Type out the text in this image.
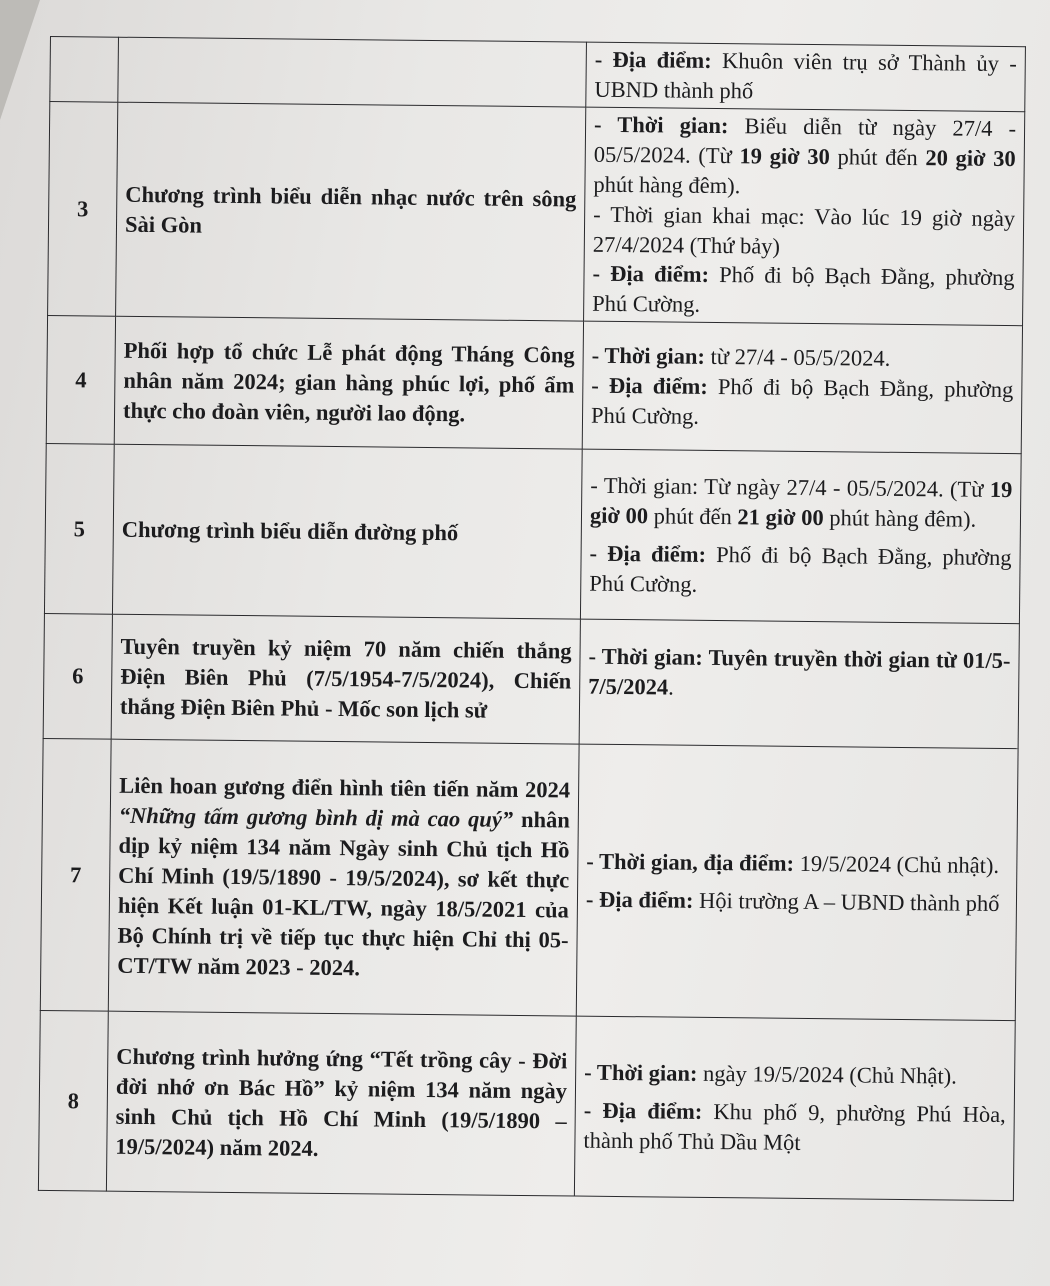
		- Địa điểm: Khuôn viên trụ sở Thành ủy - UBND thành phố

3	Chương trình biểu diễn nhạc nước trên sông Sài Gòn	- Thời gian: Biểu diễn từ ngày 27/4 - 05/5/2024. (Từ 19 giờ 30 phút đến 20 giờ 30 phút hàng đêm).
- Thời gian khai mạc: Vào lúc 19 giờ ngày 27/4/2024 (Thứ bảy)
- Địa điểm: Phố đi bộ Bạch Đằng, phường Phú Cường.

4	Phối hợp tổ chức Lễ phát động Tháng Công nhân năm 2024; gian hàng phúc lợi, phố ẩm thực cho đoàn viên, người lao động.	- Thời gian: từ 27/4 - 05/5/2024.
- Địa điểm: Phố đi bộ Bạch Đằng, phường Phú Cường.

5	Chương trình biểu diễn đường phố	- Thời gian: Từ ngày 27/4 - 05/5/2024. (Từ 19 giờ 00 phút đến 21 giờ 00 phút hàng đêm).
- Địa điểm: Phố đi bộ Bạch Đằng, phường Phú Cường.

6	Tuyên truyền kỷ niệm 70 năm chiến thắng Điện Biên Phủ (7/5/1954-7/5/2024), Chiến thắng Điện Biên Phủ - Mốc son lịch sử	- Thời gian: Tuyên truyền thời gian từ 01/5-7/5/2024.

7	Liên hoan gương điển hình tiên tiến năm 2024 “Những tấm gương bình dị mà cao quý” nhân dịp kỷ niệm 134 năm Ngày sinh Chủ tịch Hồ Chí Minh (19/5/1890 - 19/5/2024), sơ kết thực hiện Kết luận 01-KL/TW, ngày 18/5/2021 của Bộ Chính trị về tiếp tục thực hiện Chỉ thị 05-CT/TW năm 2023 - 2024.	- Thời gian, địa điểm: 19/5/2024 (Chủ nhật).
- Địa điểm: Hội trường A – UBND thành phố

8	Chương trình hưởng ứng “Tết trồng cây - Đời đời nhớ ơn Bác Hồ” kỷ niệm 134 năm ngày sinh Chủ tịch Hồ Chí Minh (19/5/1890 – 19/5/2024) năm 2024.	- Thời gian: ngày 19/5/2024 (Chủ Nhật).
- Địa điểm: Khu phố 9, phường Phú Hòa, thành phố Thủ Dầu Một
